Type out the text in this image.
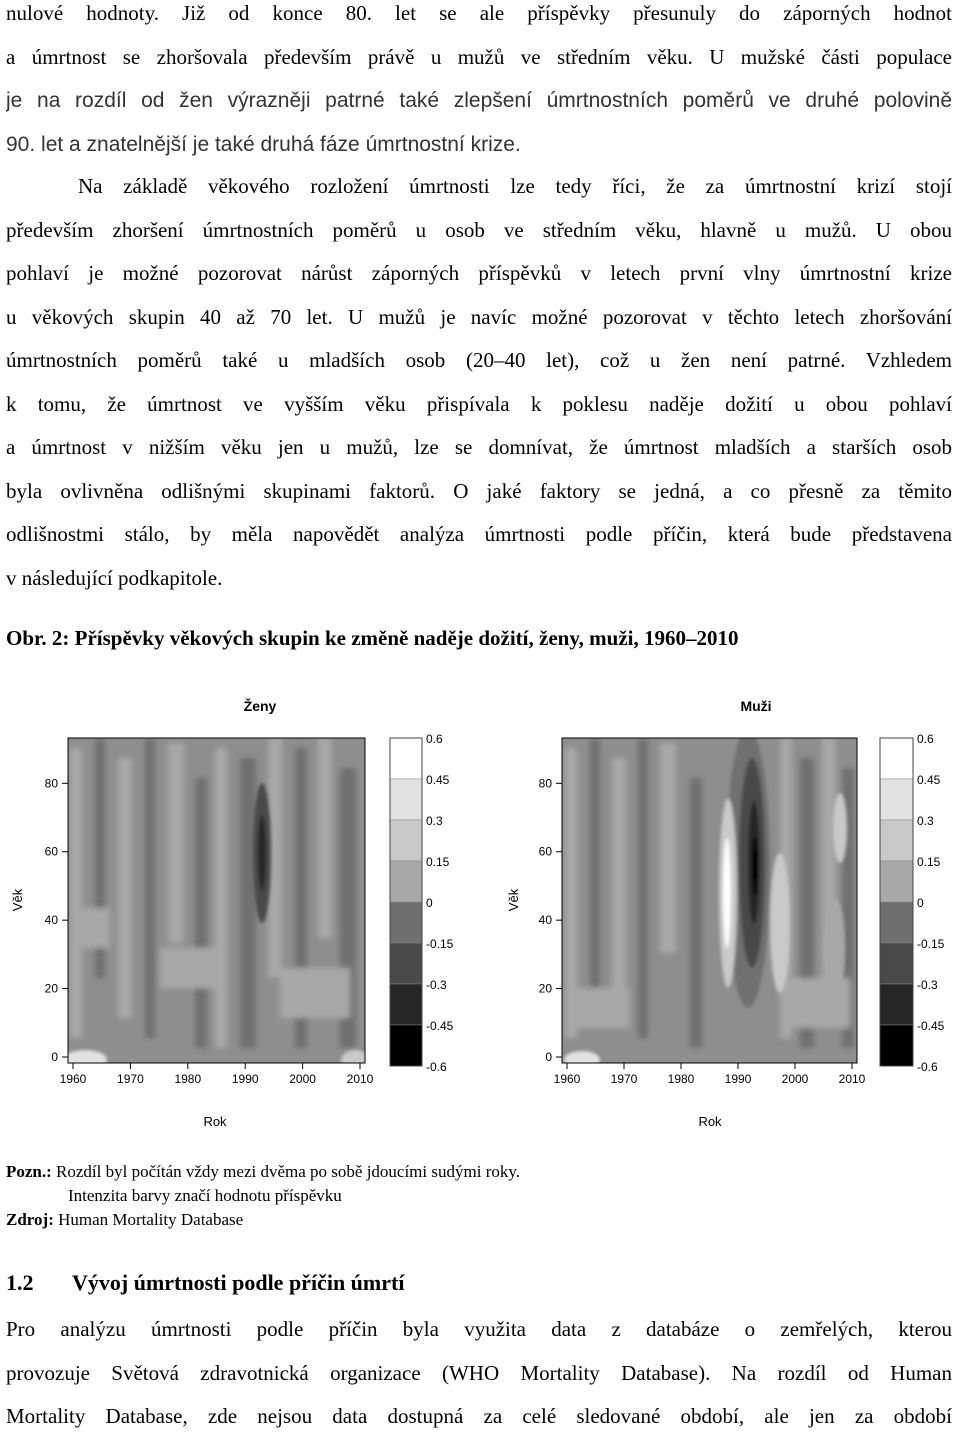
nulové hodnoty. Již od konce 80. let se ale příspěvky přesunuly do záporných hodnot
a úmrtnost se zhoršovala především právě u mužů ve středním věku. U mužské části populace
je na rozdíl od žen výrazněji patrné také zlepšení úmrtnostních poměrů ve druhé polovině
90. let a znatelnější je také druhá fáze úmrtnostní krize.
Na základě věkového rozložení úmrtnosti lze tedy říci, že za úmrtnostní krizí stojí
především zhoršení úmrtnostních poměrů u osob ve středním věku, hlavně u mužů. U obou
pohlaví je možné pozorovat nárůst záporných příspěvků v letech první vlny úmrtnostní krize
u věkových skupin 40 až 70 let. U mužů je navíc možné pozorovat v těchto letech zhoršování
úmrtnostních poměrů také u mladších osob (20–40 let), což u žen není patrné. Vzhledem
k tomu, že úmrtnost ve vyšším věku přispívala k poklesu naděje dožití u obou pohlaví
a úmrtnost v nižším věku jen u mužů, lze se domnívat, že úmrtnost mladších a starších osob
byla ovlivněna odlišnými skupinami faktorů. O jaké faktory se jedná, a co přesně za těmito
odlišnostmi stálo, by měla napovědět analýza úmrtnosti podle příčin, která bude představena
v následující podkapitole.
Obr. 2: Příspěvky věkových skupin ke změně naděje dožití, ženy, muži, 1960–2010
Ženy
0
20
40
60
80
1960	1970	1980	1990	2000	2010
Rok
Věk
0.6
0.45
0.3
0.15
0
-0.15
-0.3
-0.45
-0.6
Muži
0
20
40
60
80
1960	1970	1980	1990	2000	2010
Rok
Věk
0.6
0.45
0.3
0.15
0
-0.15
-0.3
-0.45
-0.6
Pozn.: Rozdíl byl počítán vždy mezi dvěma po sobě jdoucími sudými roky.
Intenzita barvy značí hodnotu příspěvku
Zdroj: Human Mortality Database
1.2 Vývoj úmrtnosti podle příčin úmrtí
Pro analýzu úmrtnosti podle příčin byla využita data z databáze o zemřelých, kterou
provozuje Světová zdravotnická organizace (WHO Mortality Database). Na rozdíl od Human
Mortality Database, zde nejsou data dostupná za celé sledované období, ale jen za období
